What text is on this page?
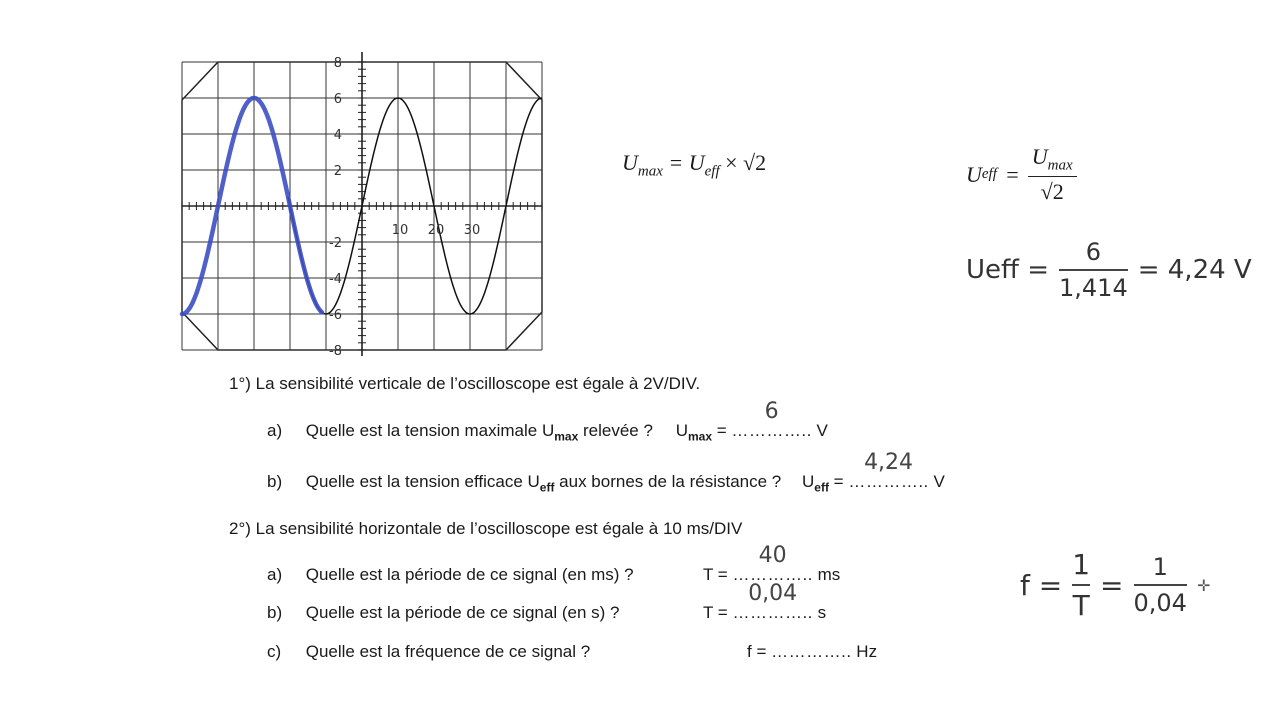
8
6
4
2
-2
-4
-6
-8
10 20 30
$U_{max} = U_{eff} \times √2$	U eff = $\frac{U_{max}}{√2}$
Ueff =
6
1,414
= 4,24 V
f =
1
T
=
1
0,04
✛
1°) La sensibilité verticale de l’oscilloscope est égale à 2V/DIV.
a) Quelle est la tension maximale $U_{max}$ relevée ? $U_{max}$ = …………..
6
V
b) Quelle est la tension efficace $U_{eff}$ aux bornes de la résistance ? $U_{eff}$ = …………..
4,24
V
2°) La sensibilité horizontale de l’oscilloscope est égale à 10 ms/DIV
a) Quelle est la période de ce signal (en ms) ?	T = …………..
40
ms
b) Quelle est la période de ce signal (en s) ?	T = …………..
0,04
s
c) Quelle est la fréquence de ce signal ?	f = ………….. Hz
